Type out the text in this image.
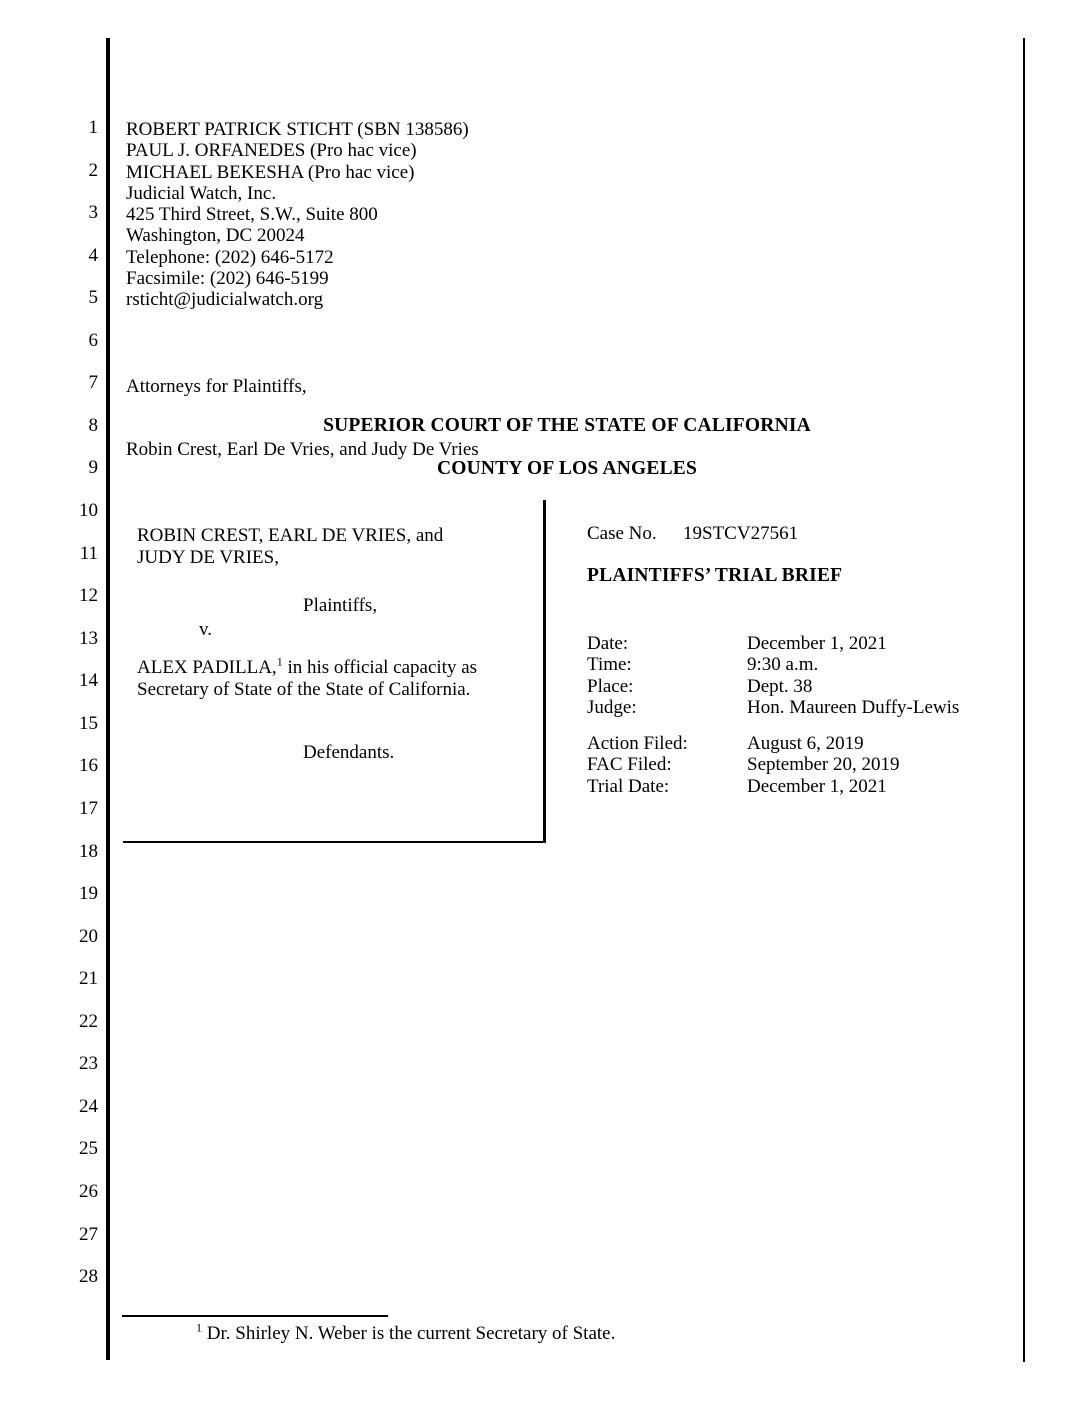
1
2
3
4
5
6
7
8
9
10
11
12
13
14
15
16
17
18
19
20
21
22
23
24
25
26
27
28
ROBERT PATRICK STICHT (SBN 138586)
PAUL J. ORFANEDES (Pro hac vice)
MICHAEL BEKESHA (Pro hac vice)
Judicial Watch, Inc.
425 Third Street, S.W., Suite 800
Washington, DC 20024
Telephone: (202) 646-5172
Facsimile: (202) 646-5199
rsticht@judicialwatch.org

Attorneys for Plaintiffs,

Robin Crest, Earl De Vries, and Judy De Vries

SUPERIOR COURT OF THE STATE OF CALIFORNIA
COUNTY OF LOS ANGELES
ROBIN CREST, EARL DE VRIES, and
JUDY DE VRIES,
Plaintiffs,
v.
ALEX PADILLA,$^1$ in his official capacity as
Secretary of State of the State of California.
Defendants.
Case No. 19STCV27561
PLAINTIFFS’ TRIAL BRIEF
Date:	December 1, 2021
Time:	9:30 a.m.
Place:	Dept. 38
Judge:	Hon. Maureen Duffy-Lewis
Action Filed:	August 6, 2019
FAC Filed:	September 20, 2019
Trial Date:	December 1, 2021
$^1$ Dr. Shirley N. Weber is the current Secretary of State.
